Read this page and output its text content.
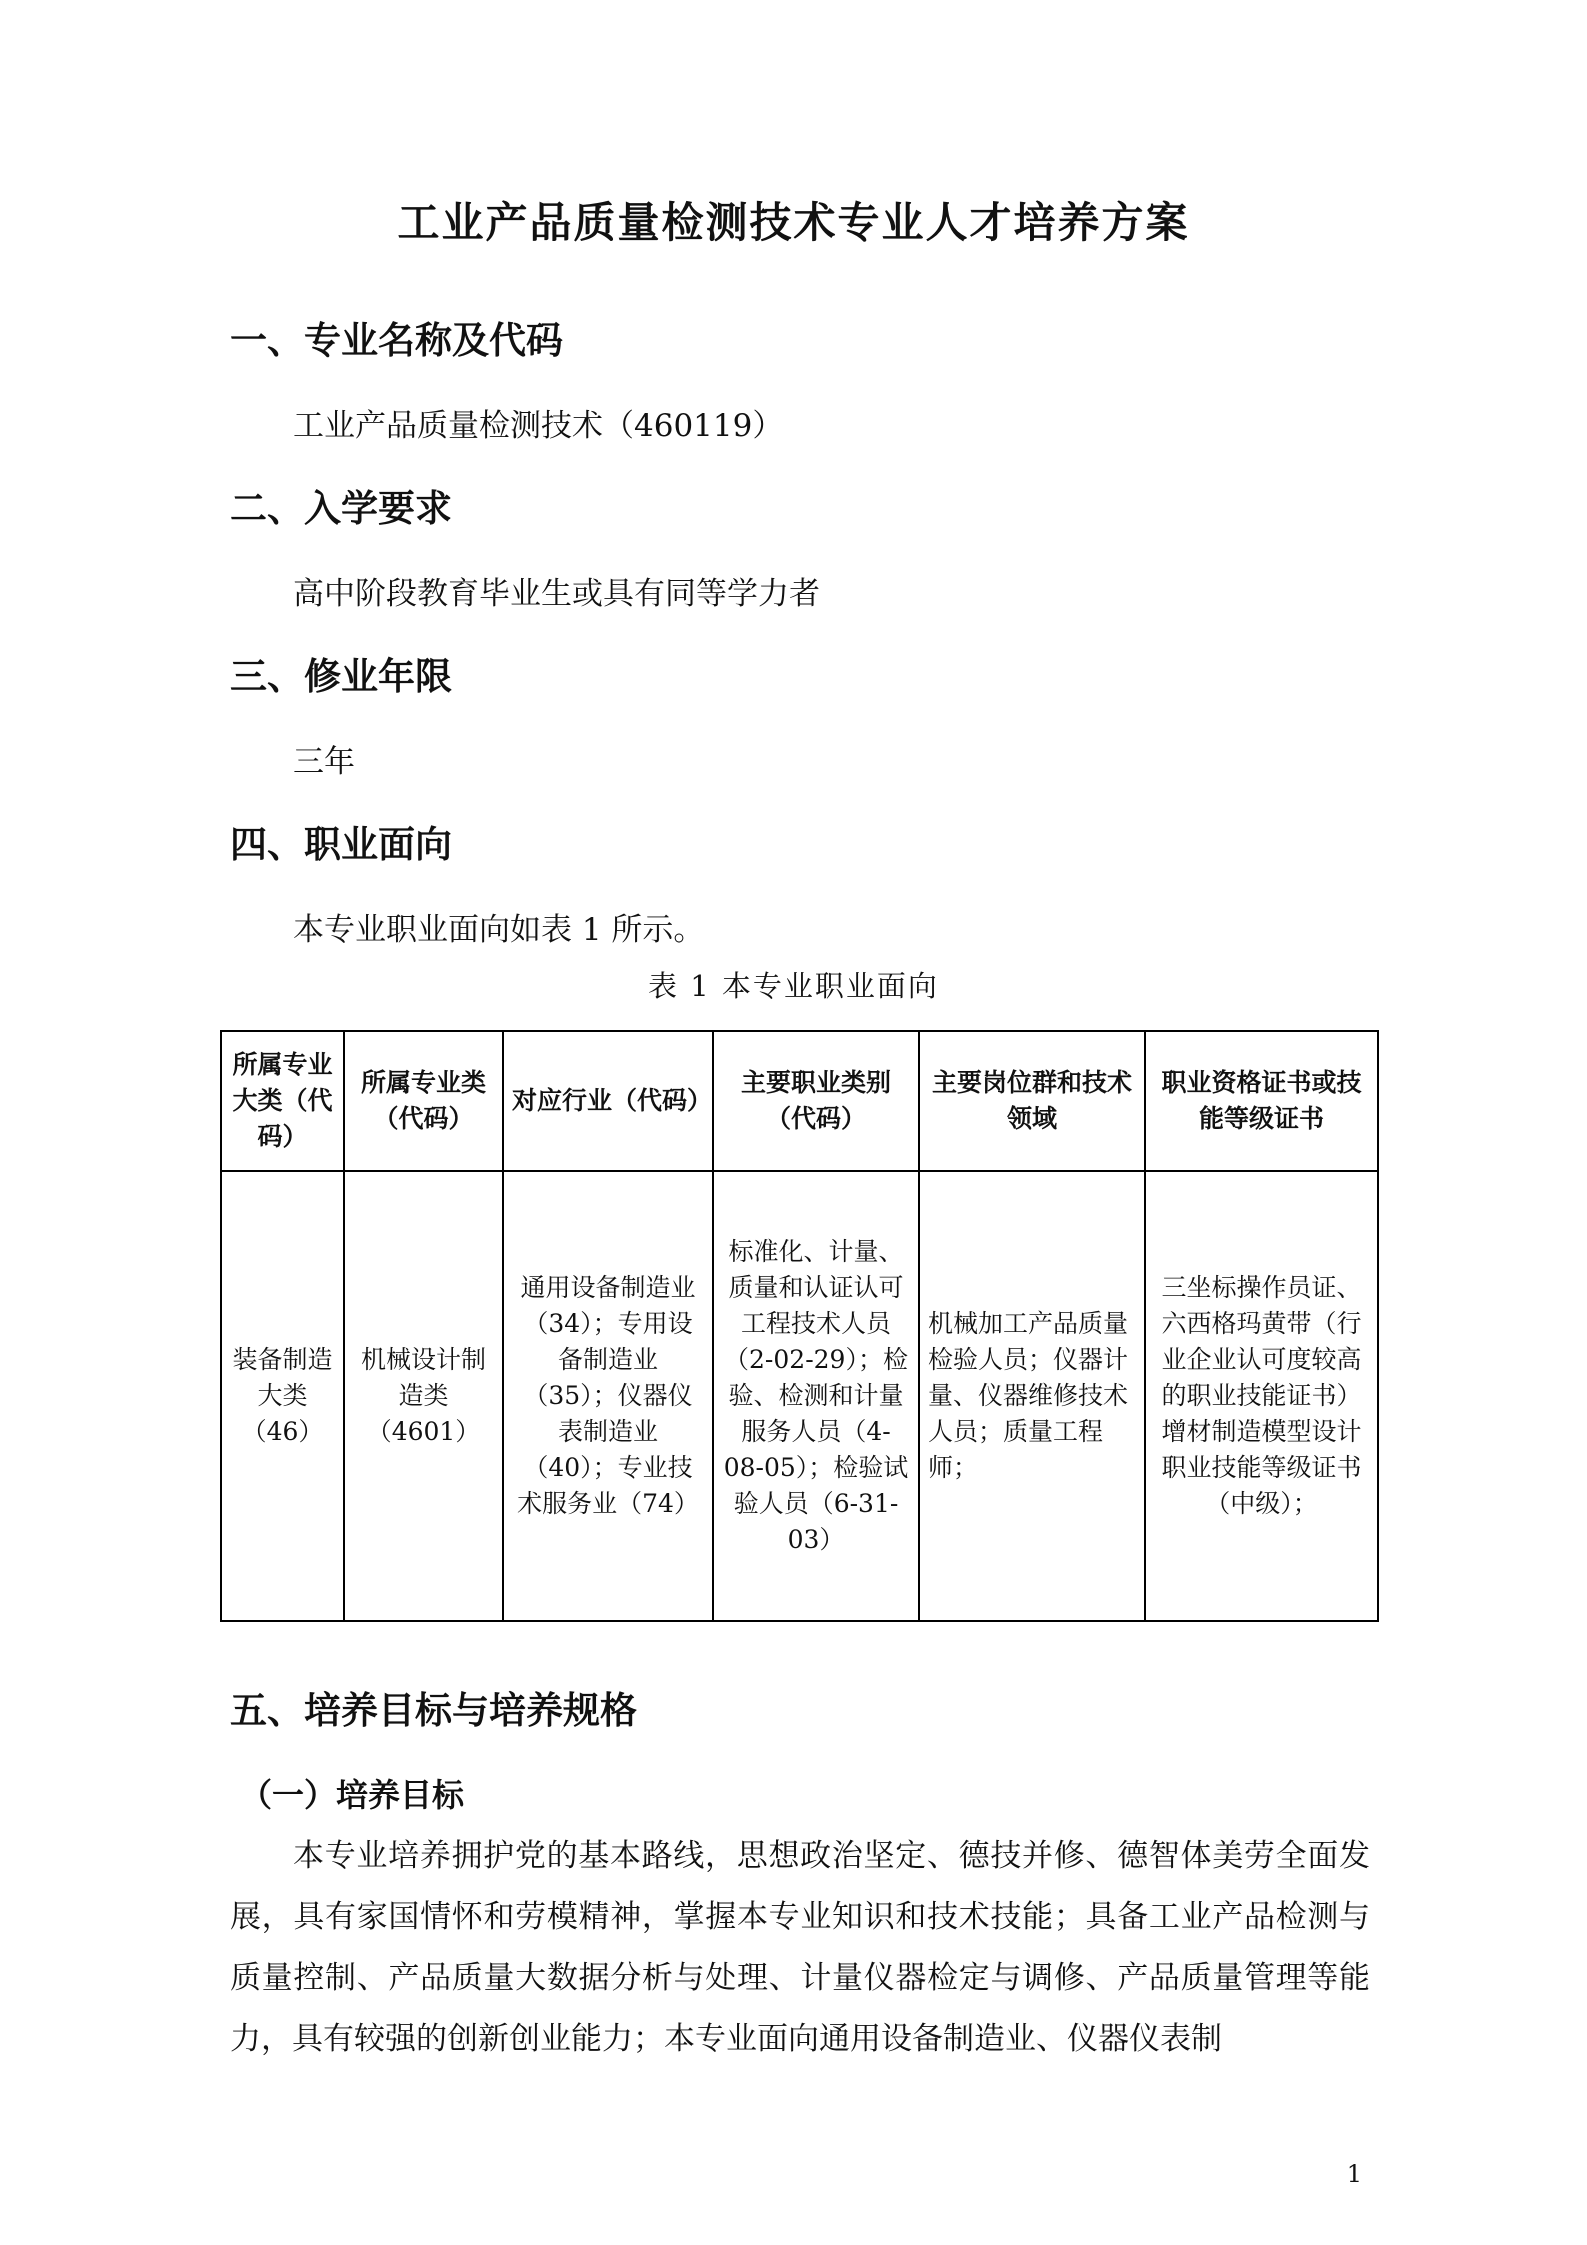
工业产品质量检测技术专业人才培养方案
一、专业名称及代码
工业产品质量检测技术（460119）
二、入学要求
高中阶段教育毕业生或具有同等学力者
三、修业年限
三年
四、职业面向
本专业职业面向如表 1 所示。
表 1 本专业职业面向
所属专业大类（代码）	所属专业类（代码）	对应行业（代码）	主要职业类别（代码）	主要岗位群和技术领域	职业资格证书或技能等级证书
装备制造大类（46）	机械设计制造类（4601）	通用设备制造业（34）；专用设备制造业（35）；仪器仪表制造业（40）；专业技术服务业（74）	标准化、计量、质量和认证认可工程技术人员（2-02-29）；检验、检测和计量服务人员（4-08-05）；检验试验人员（6-31-03）	机械加工产品质量检验人员；仪器计量、仪器维修技术人员；质量工程师；	三坐标操作员证、六西格玛黄带（行业企业认可度较高的职业技能证书）增材制造模型设计职业技能等级证书（中级）；
五、培养目标与培养规格
（一）培养目标
本专业培养拥护党的基本路线，思想政治坚定、德技并修、德智体美劳全面发展，具有家国情怀和劳模精神，掌握本专业知识和技术技能；具备工业产品检测与质量控制、产品质量大数据分析与处理、计量仪器检定与调修、产品质量管理等能力，具有较强的创新创业能力；本专业面向通用设备制造业、仪器仪表制
1
